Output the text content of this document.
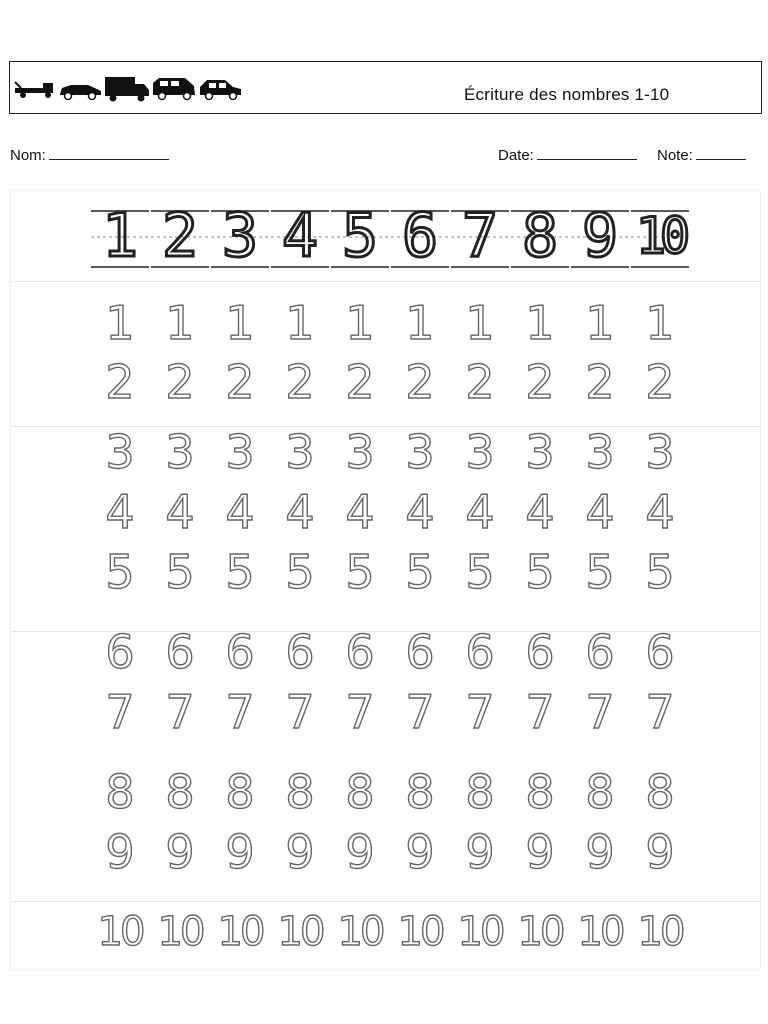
Écriture des nombres 1-10
Nom:	Date:	Note:
1 2 3 4 5 6 7 8 9 10
1 1 1 1 1 1 1 1 1 1
2 2 2 2 2 2 2 2 2 2
3 3 3 3 3 3 3 3 3 3
4 4 4 4 4 4 4 4 4 4
5 5 5 5 5 5 5 5 5 5
6 6 6 6 6 6 6 6 6 6
7 7 7 7 7 7 7 7 7 7
8 8 8 8 8 8 8 8 8 8
9 9 9 9 9 9 9 9 9 9
10 10 10 10 10 10 10 10 10 10
